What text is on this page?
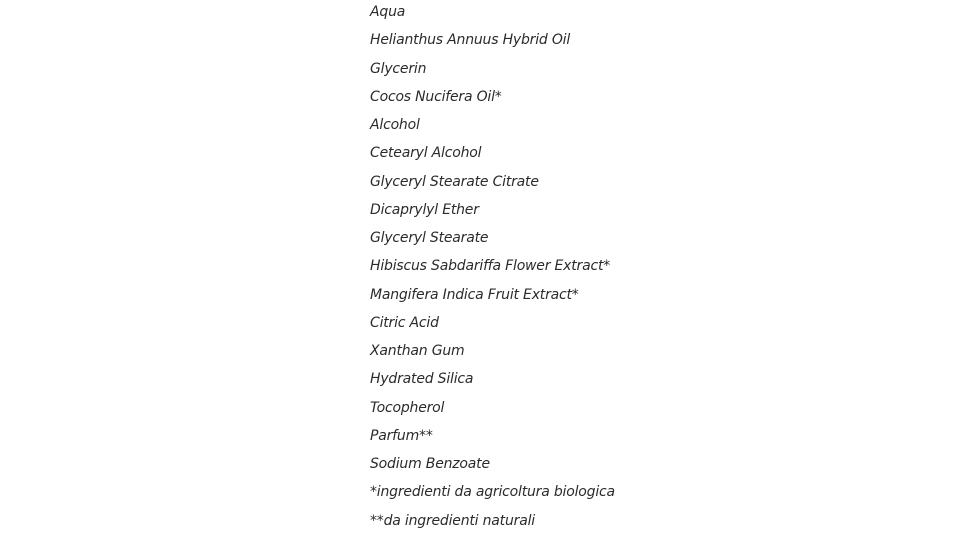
Aqua
Helianthus Annuus Hybrid Oil
Glycerin
Cocos Nucifera Oil*
Alcohol
Cetearyl Alcohol
Glyceryl Stearate Citrate
Dicaprylyl Ether
Glyceryl Stearate
Hibiscus Sabdariffa Flower Extract*
Mangifera Indica Fruit Extract*
Citric Acid
Xanthan Gum
Hydrated Silica
Tocopherol
Parfum**
Sodium Benzoate
*ingredienti da agricoltura biologica
**da ingredienti naturali
